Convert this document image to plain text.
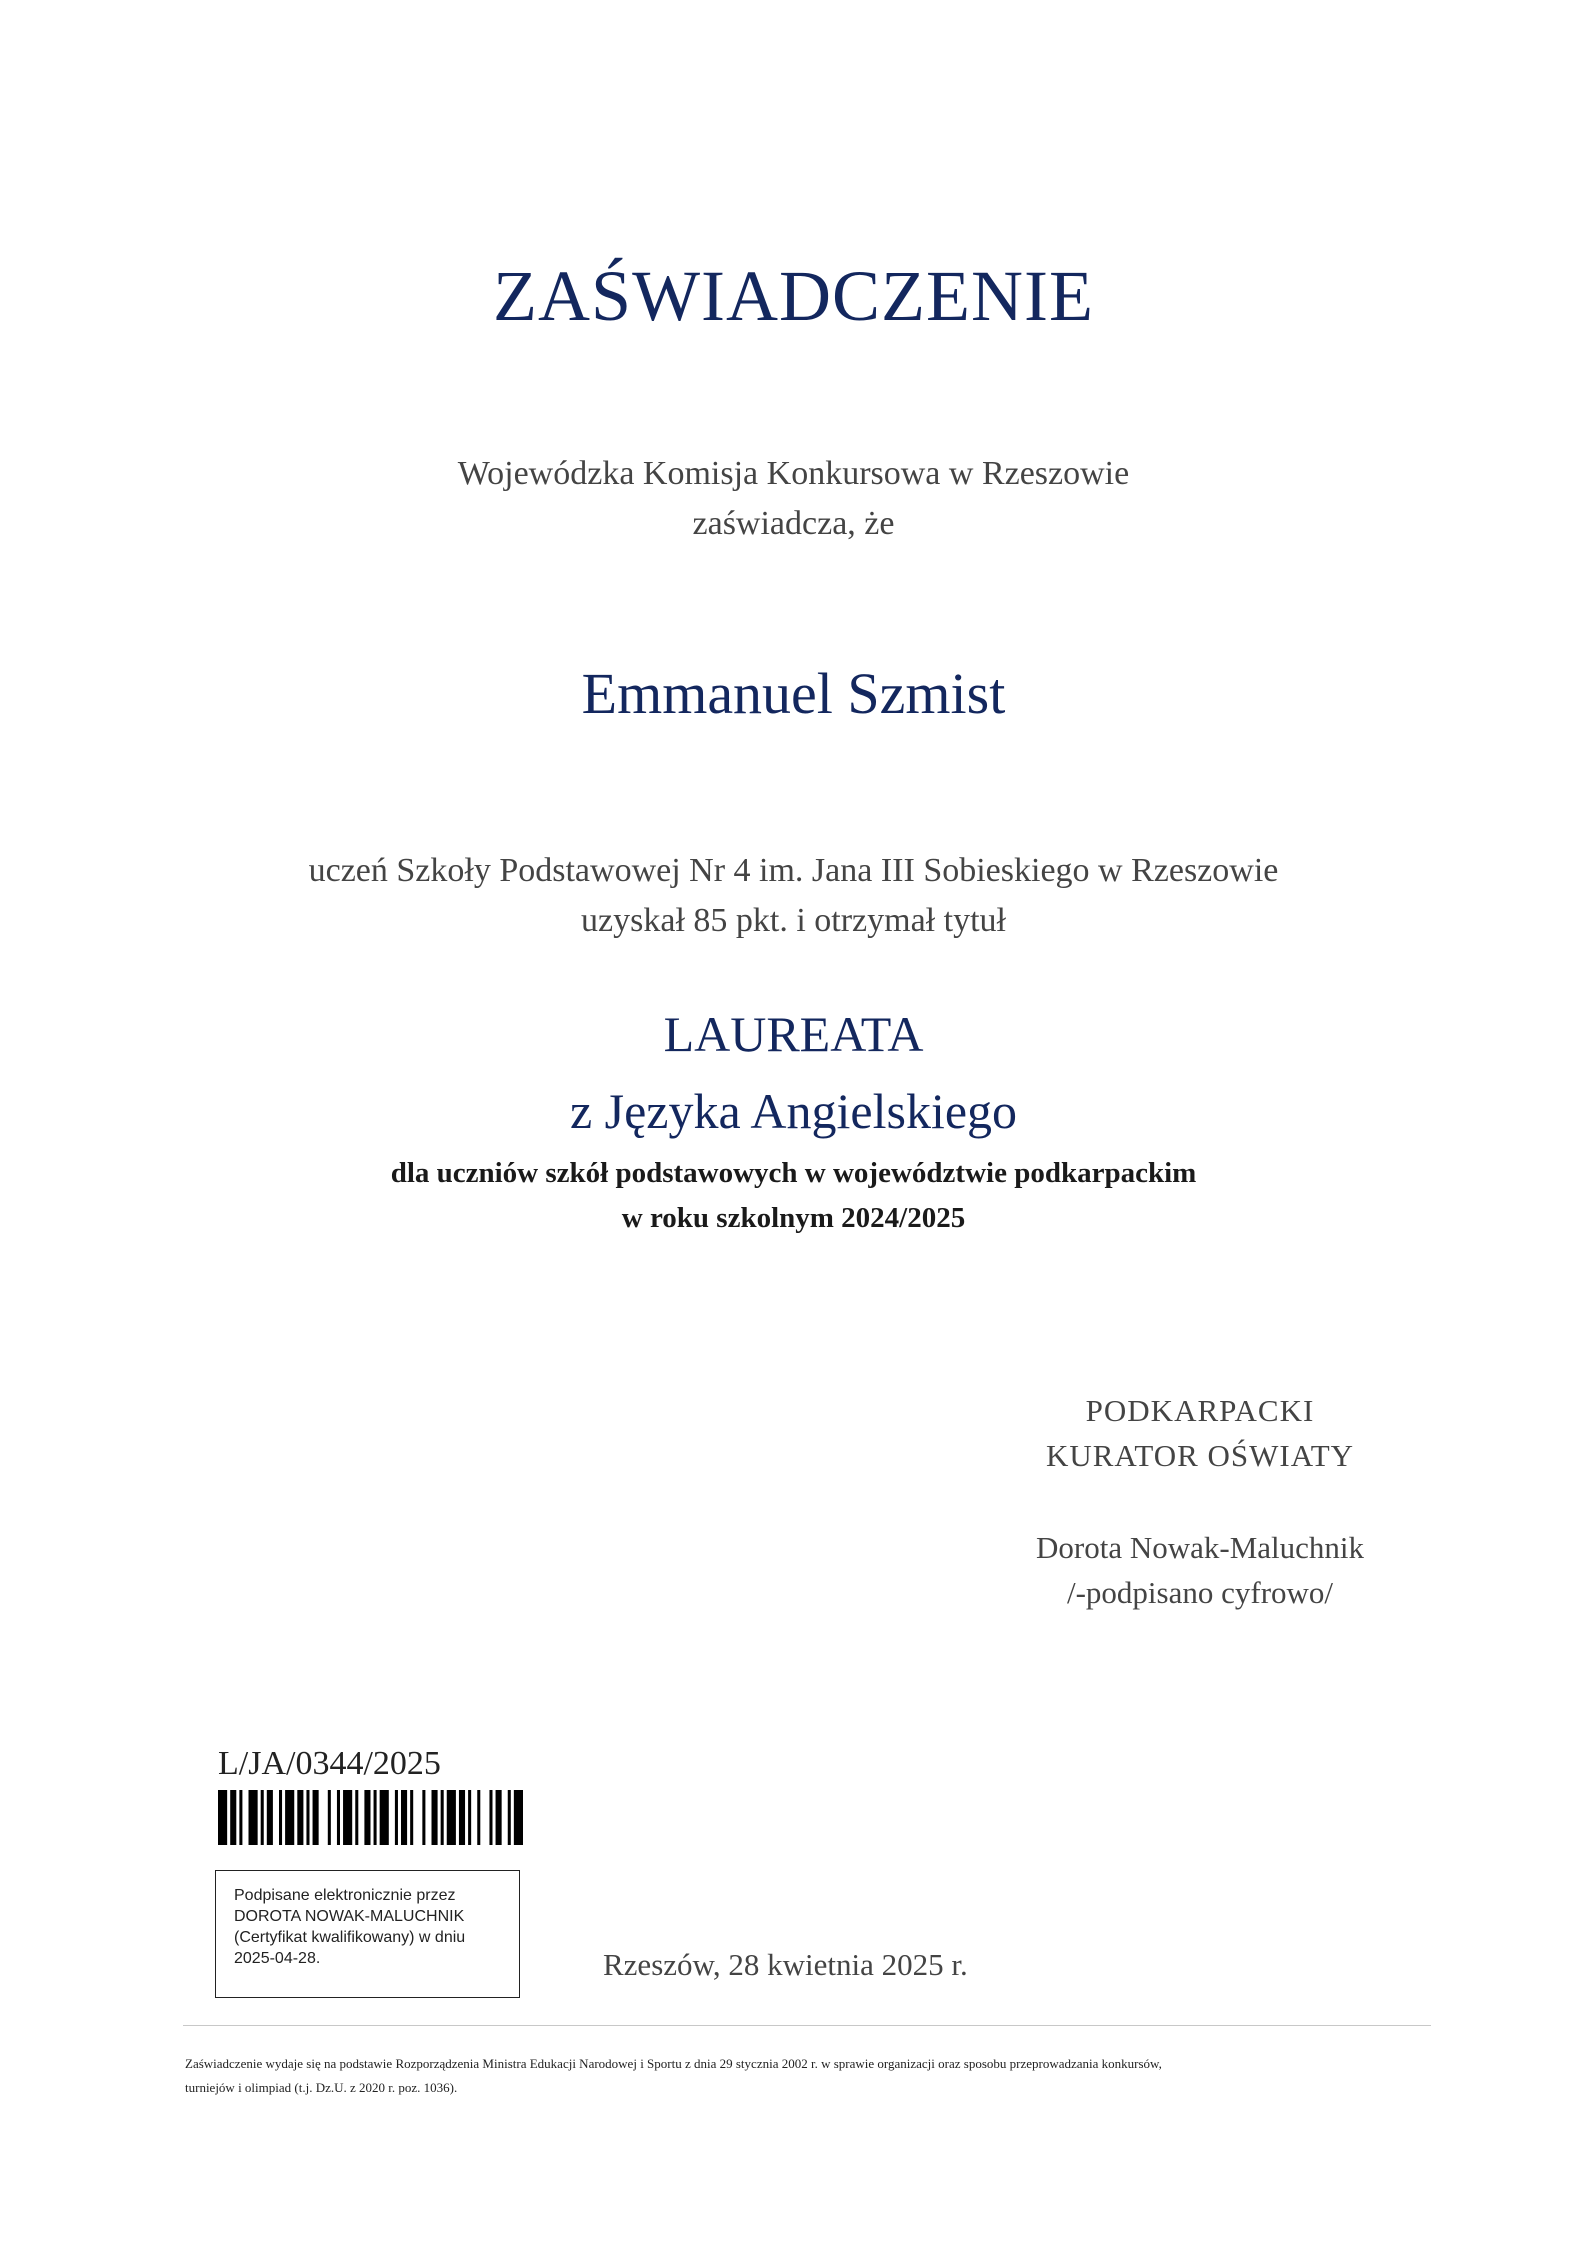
ZAŚWIADCZENIE
Wojewódzka Komisja Konkursowa w Rzeszowie
zaświadcza, że
Emmanuel Szmist
uczeń Szkoły Podstawowej Nr 4 im. Jana III Sobieskiego w Rzeszowie
uzyskał 85 pkt. i otrzymał tytuł
LAUREATA
z Języka Angielskiego
dla uczniów szkół podstawowych w województwie podkarpackim
w roku szkolnym 2024/2025
PODKARPACKI
KURATOR OŚWIATY
Dorota Nowak-Maluchnik
/-podpisano cyfrowo/
L/JA/0344/2025
Podpisane elektronicznie przez
DOROTA NOWAK-MALUCHNIK
(Certyfikat kwalifikowany) w dniu
2025-04-28.	Rzeszów, 28 kwietnia 2025 r.
Zaświadczenie wydaje się na podstawie Rozporządzenia Ministra Edukacji Narodowej i Sportu z dnia 29 stycznia 2002 r. w sprawie organizacji oraz sposobu przeprowadzania konkursów,
turniejów i olimpiad (t.j. Dz.U. z 2020 r. poz. 1036).
